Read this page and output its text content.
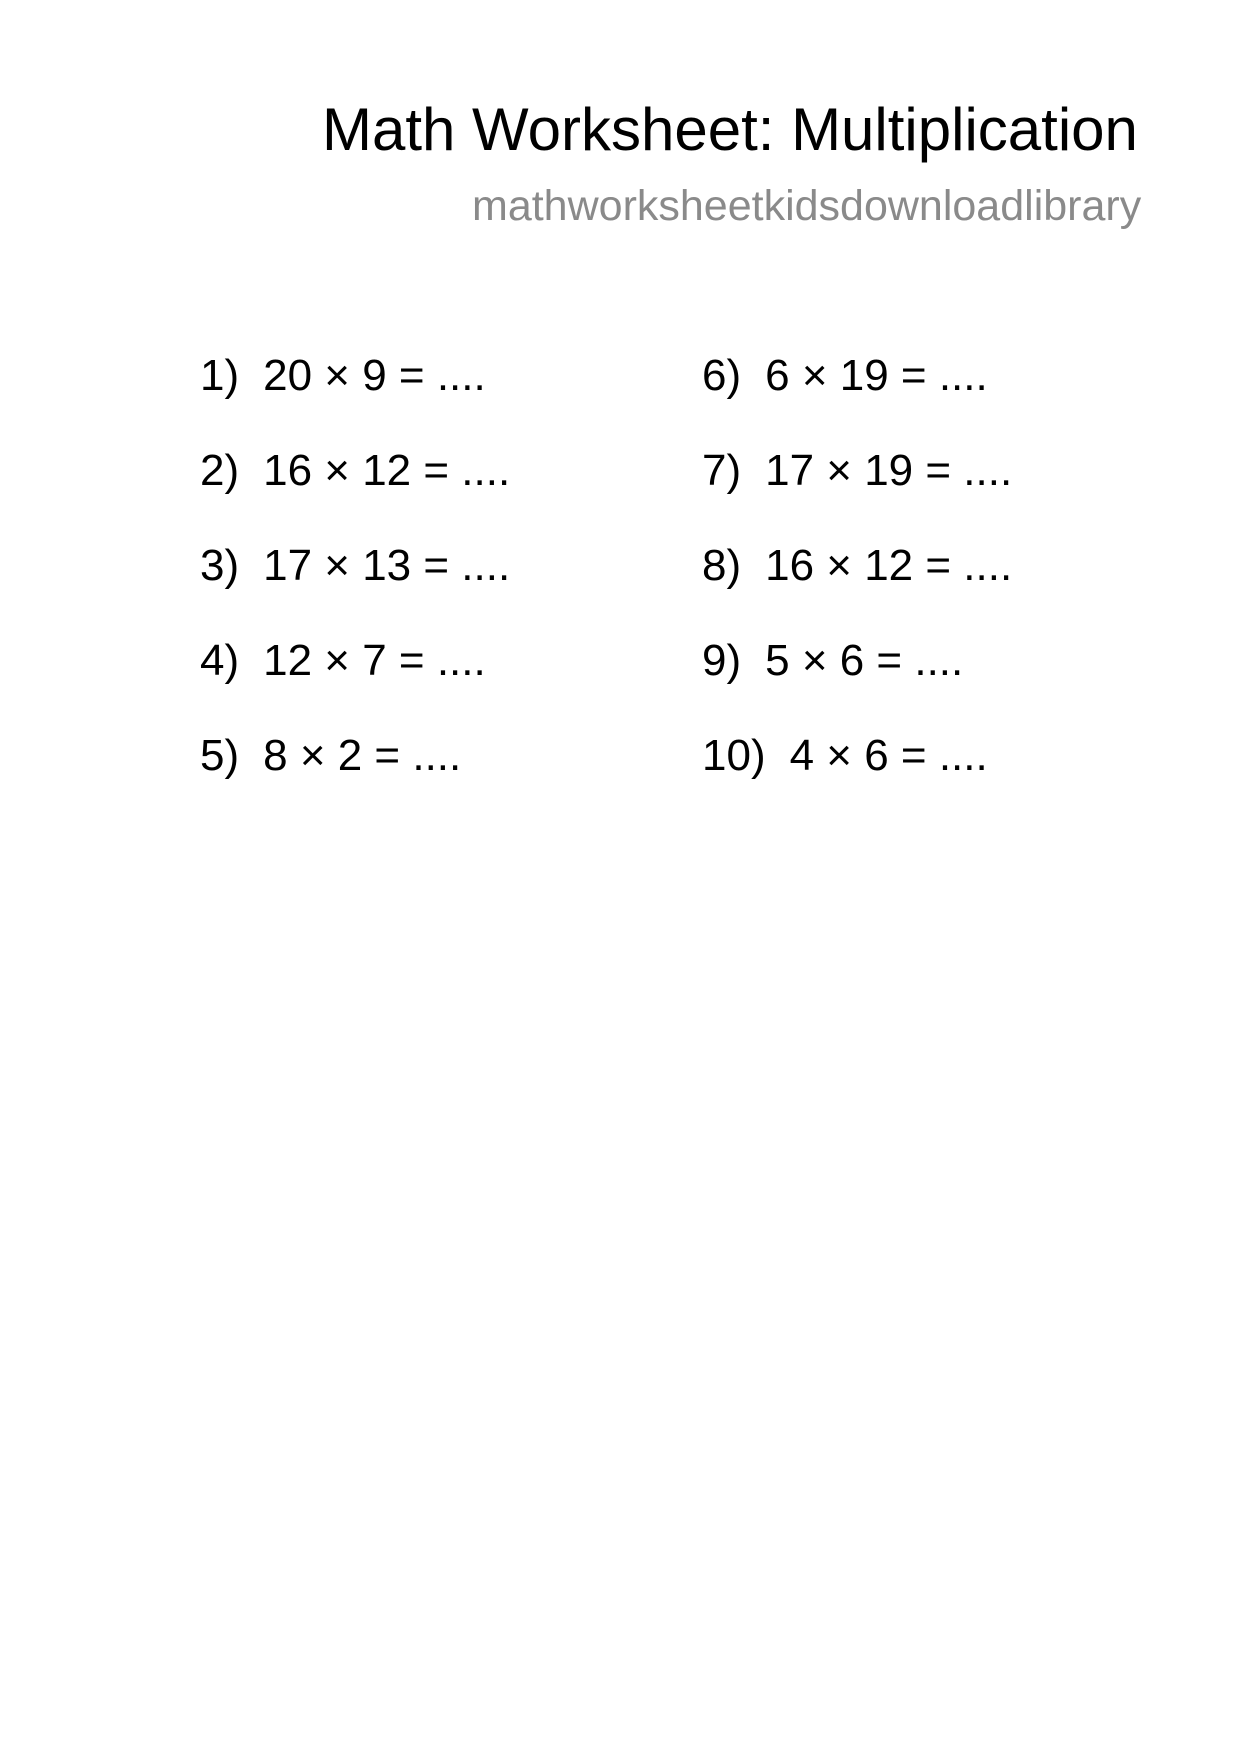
Math Worksheet: Multiplication
mathworksheetkidsdownloadlibrary
1) 20 × 9 = ....
2) 16 × 12 = ....
3) 17 × 13 = ....
4) 12 × 7 = ....
5) 8 × 2 = ....
6) 6 × 19 = ....
7) 17 × 19 = ....
8) 16 × 12 = ....
9) 5 × 6 = ....
10) 4 × 6 = ....
